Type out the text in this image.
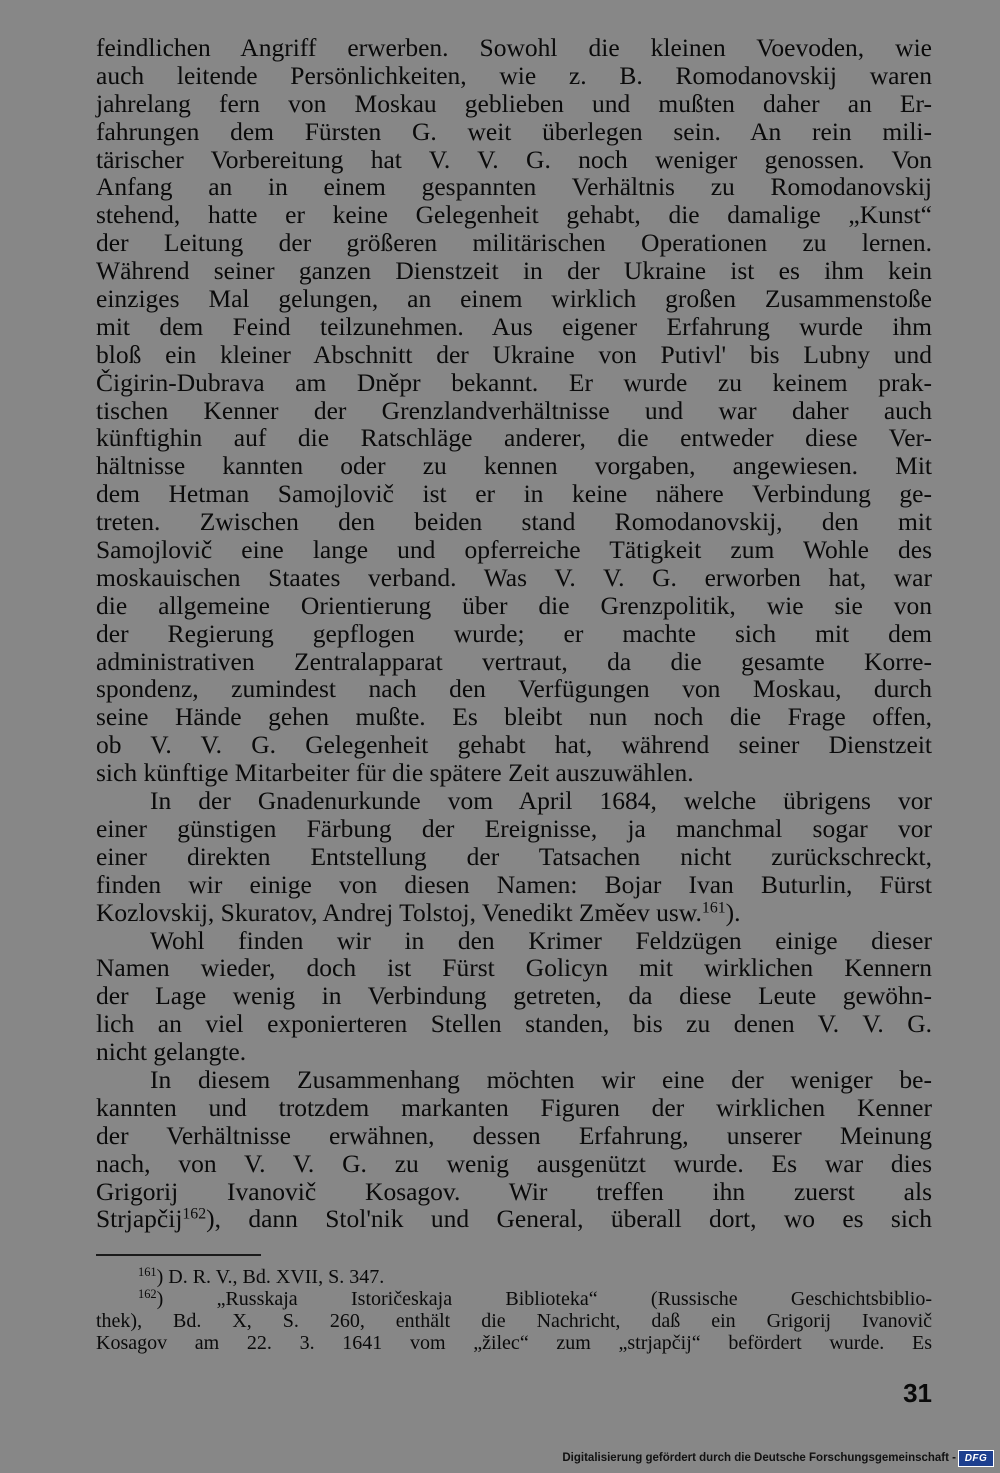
feindlichen Angriff erwerben. Sowohl die kleinen Voevoden, wie
auch leitende Persönlichkeiten, wie z. B. Romodanovskij waren
jahrelang fern von Moskau geblieben und mußten daher an Er-
fahrungen dem Fürsten G. weit überlegen sein. An rein mili-
tärischer Vorbereitung hat V. V. G. noch weniger genossen. Von
Anfang an in einem gespannten Verhältnis zu Romodanovskij
stehend, hatte er keine Gelegenheit gehabt, die damalige „Kunst“
der Leitung der größeren militärischen Operationen zu lernen.
Während seiner ganzen Dienstzeit in der Ukraine ist es ihm kein
einziges Mal gelungen, an einem wirklich großen Zusammenstoße
mit dem Feind teilzunehmen. Aus eigener Erfahrung wurde ihm
bloß ein kleiner Abschnitt der Ukraine von Putivl' bis Lubny und
Čigirin-Dubrava am Dněpr bekannt. Er wurde zu keinem prak-
tischen Kenner der Grenzlandverhältnisse und war daher auch
künftighin auf die Ratschläge anderer, die entweder diese Ver-
hältnisse kannten oder zu kennen vorgaben, angewiesen. Mit
dem Hetman Samojlovič ist er in keine nähere Verbindung ge-
treten. Zwischen den beiden stand Romodanovskij, den mit
Samojlovič eine lange und opferreiche Tätigkeit zum Wohle des
moskauischen Staates verband. Was V. V. G. erworben hat, war
die allgemeine Orientierung über die Grenzpolitik, wie sie von
der Regierung gepflogen wurde; er machte sich mit dem
administrativen Zentralapparat vertraut, da die gesamte Korre-
spondenz, zumindest nach den Verfügungen von Moskau, durch
seine Hände gehen mußte. Es bleibt nun noch die Frage offen,
ob V. V. G. Gelegenheit gehabt hat, während seiner Dienstzeit
sich künftige Mitarbeiter für die spätere Zeit auszuwählen.
In der Gnadenurkunde vom April 1684, welche übrigens vor
einer günstigen Färbung der Ereignisse, ja manchmal sogar vor
einer direkten Entstellung der Tatsachen nicht zurückschreckt,
finden wir einige von diesen Namen: Bojar Ivan Buturlin, Fürst
Kozlovskij, Skuratov, Andrej Tolstoj, Venedikt Změev usw.$^{161}$).
Wohl finden wir in den Krimer Feldzügen einige dieser
Namen wieder, doch ist Fürst Golicyn mit wirklichen Kennern
der Lage wenig in Verbindung getreten, da diese Leute gewöhn-
lich an viel exponierteren Stellen standen, bis zu denen V. V. G.
nicht gelangte.
In diesem Zusammenhang möchten wir eine der weniger be-
kannten und trotzdem markanten Figuren der wirklichen Kenner
der Verhältnisse erwähnen, dessen Erfahrung, unserer Meinung
nach, von V. V. G. zu wenig ausgenützt wurde. Es war dies
Grigorij Ivanovič Kosagov. Wir treffen ihn zuerst als
Strjapčij$^{162}$), dann Stol'nik und General, überall dort, wo es sich
$^{161}$) D. R. V., Bd. XVII, S. 347.
$^{162}$) „Russkaja Istoričeskaja Biblioteka“ (Russische Geschichtsbiblio-
thek), Bd. X, S. 260, enthält die Nachricht, daß ein Grigorij Ivanovič
Kosagov am 22. 3. 1641 vom „žilec“ zum „strjapčij“ befördert wurde. Es
31
Digitalisierung gefördert durch die Deutsche Forschungsgemeinschaft - DFG
